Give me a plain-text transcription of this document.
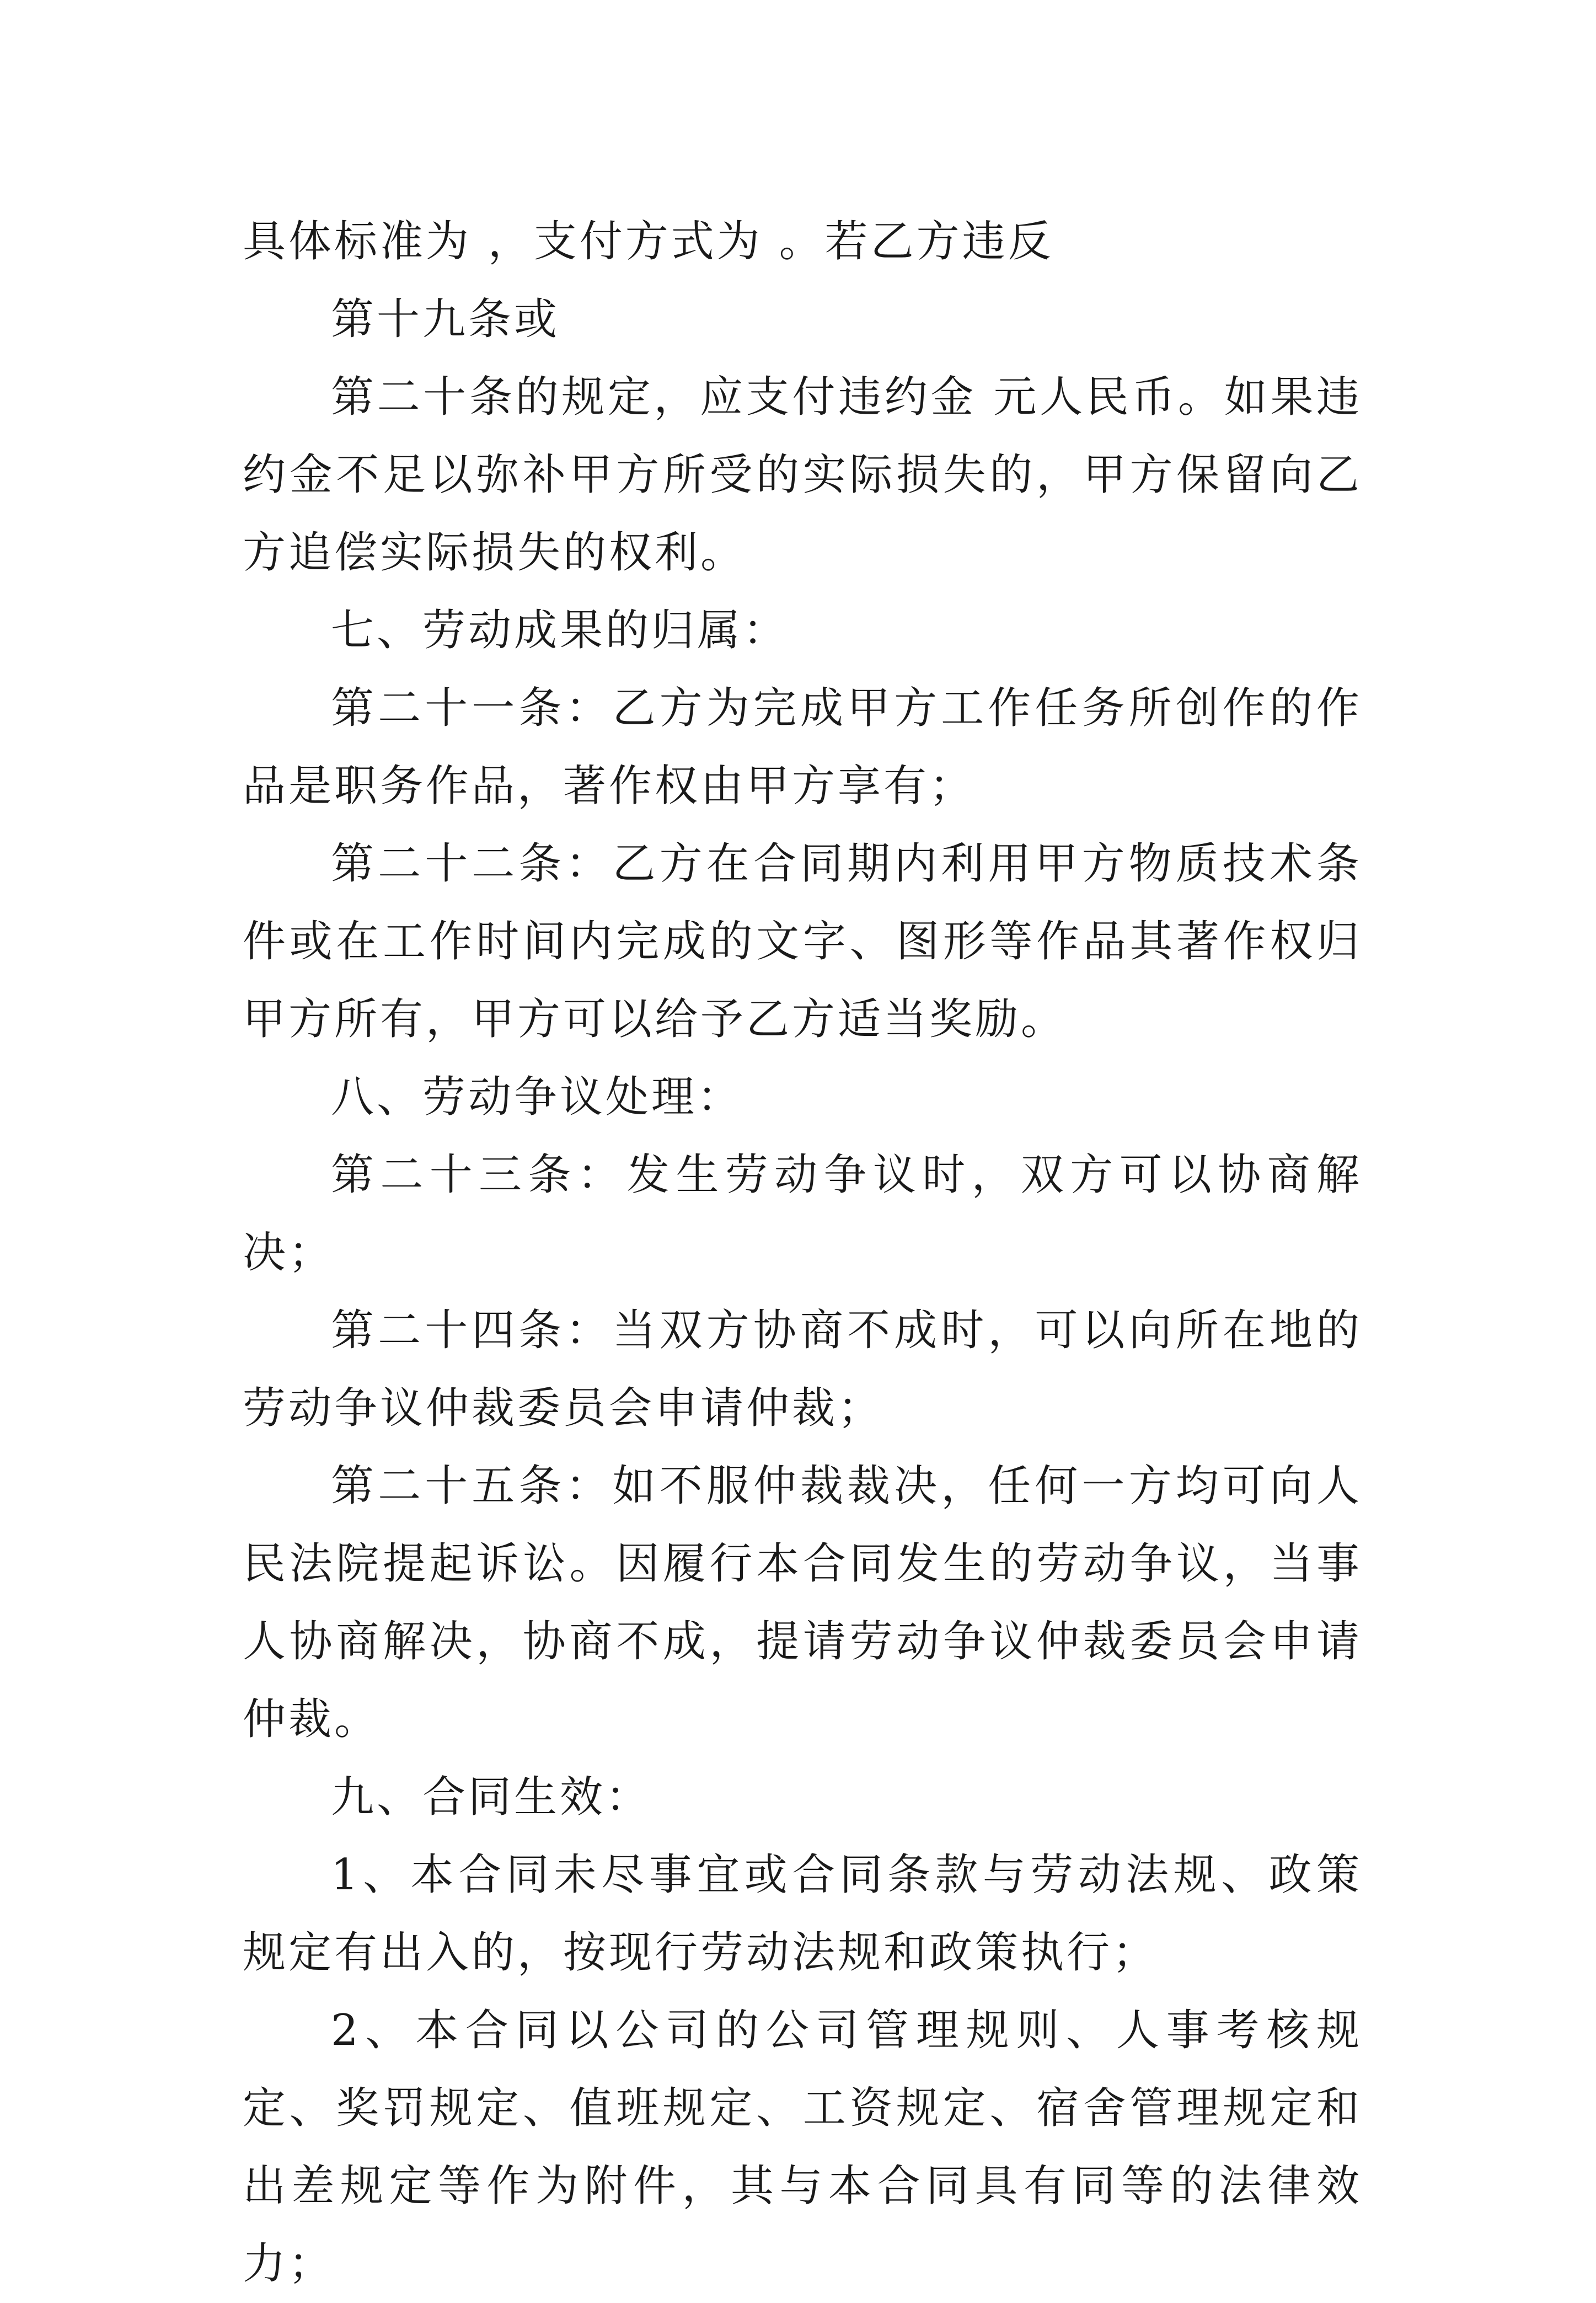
具体标准为 ，支付方式为 。若乙方违反

第十九条或

第二十条的规定，应支付违约金 元人民币。如果违约金不足以弥补甲方所受的实际损失的，甲方保留向乙方追偿实际损失的权利。

七、劳动成果的归属：

第二十一条：乙方为完成甲方工作任务所创作的作品是职务作品，著作权由甲方享有；

第二十二条：乙方在合同期内利用甲方物质技术条件或在工作时间内完成的文字、图形等作品其著作权归甲方所有，甲方可以给予乙方适当奖励。

八、劳动争议处理：

第二十三条：发生劳动争议时，双方可以协商解决；

第二十四条：当双方协商不成时，可以向所在地的劳动争议仲裁委员会申请仲裁；

第二十五条：如不服仲裁裁决，任何一方均可向人民法院提起诉讼。因履行本合同发生的劳动争议，当事人协商解决，协商不成，提请劳动争议仲裁委员会申请仲裁。

九、合同生效：

1、本合同未尽事宜或合同条款与劳动法规、政策规定有出入的，按现行劳动法规和政策执行；

2、本合同以公司的公司管理规则、人事考核规定、奖罚规定、值班规定、工资规定、宿舍管理规定和出差规定等作为附件，其与本合同具有同等的法律效力；
